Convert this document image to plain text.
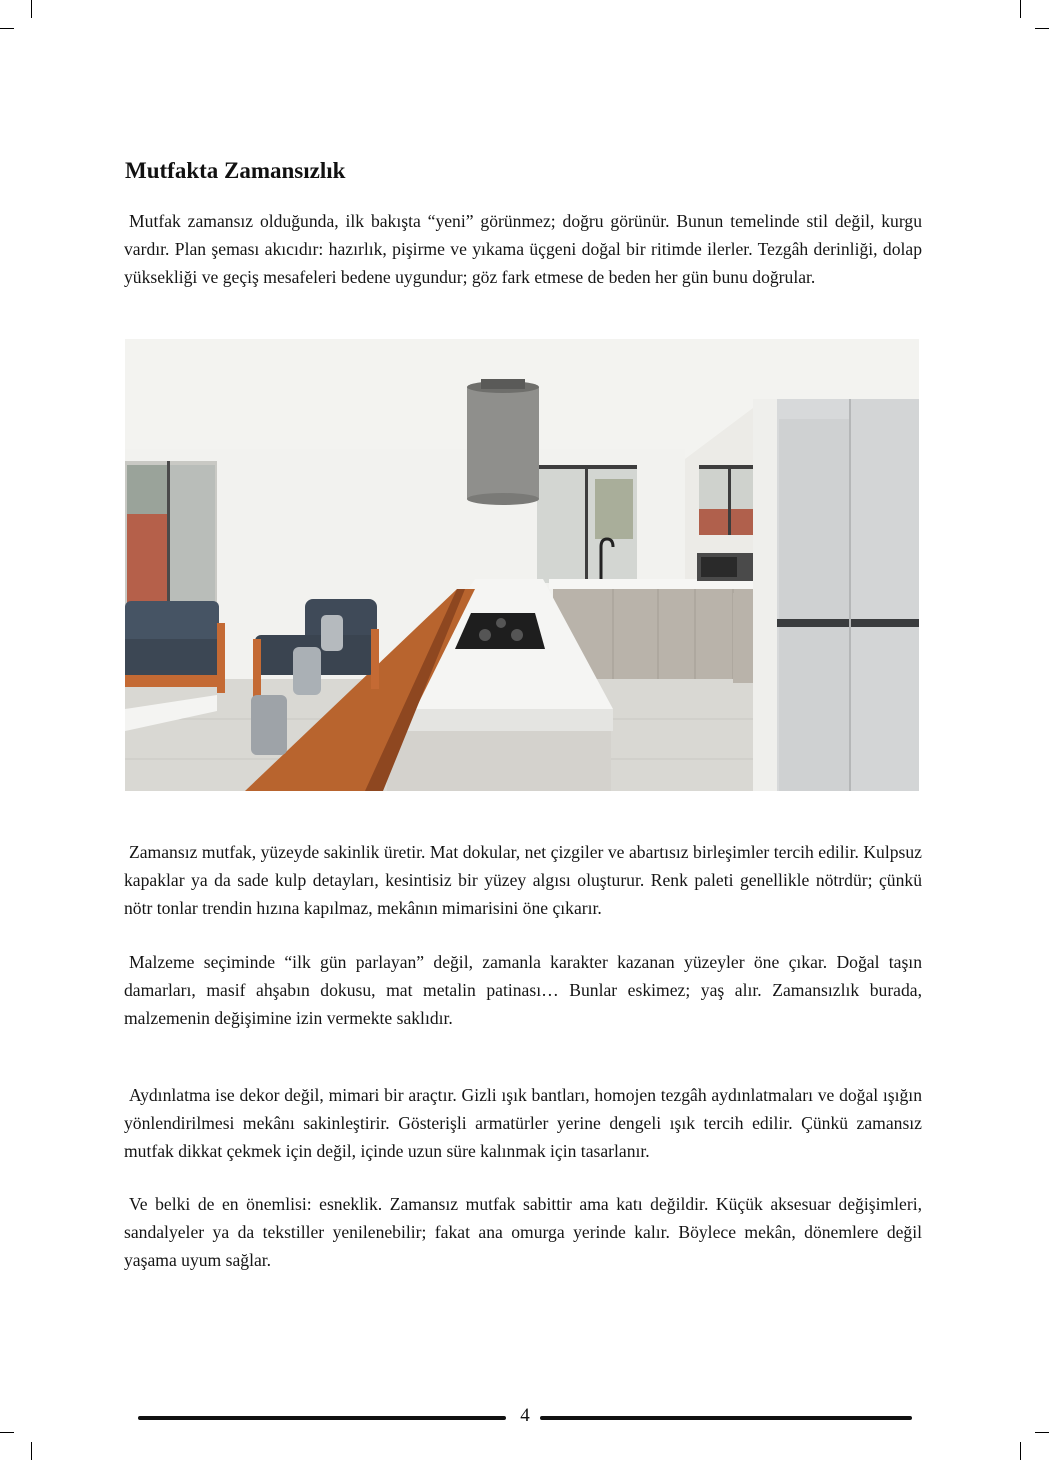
Mutfakta Zamansızlık

Mutfak zamansız olduğunda, ilk bakışta “yeni” görünmez; doğru görünür. Bunun temelinde stil değil, kurgu vardır. Plan şeması akıcıdır: hazırlık, pişirme ve yıkama üçgeni doğal bir ritimde ilerler. Tezgâh derinliği, dolap yüksekliği ve geçiş mesafeleri bedene uygundur; göz fark etmese de beden her gün bunu doğrular.

Zamansız mutfak, yüzeyde sakinlik üretir. Mat dokular, net çizgiler ve abartısız birleşimler tercih edilir. Kulpsuz kapaklar ya da sade kulp detayları, kesintisiz bir yüzey algısı oluşturur. Renk paleti genellikle nötrdür; çünkü nötr tonlar trendin hızına kapılmaz, mekânın mimarisini öne çıkarır.

Malzeme seçiminde “ilk gün parlayan” değil, zamanla karakter kazanan yüzeyler öne çıkar. Doğal taşın damarları, masif ahşabın dokusu, mat metalin patinası… Bunlar eskimez; yaş alır. Zamansızlık burada, malzemenin değişimine izin vermekte saklıdır.

Aydınlatma ise dekor değil, mimari bir araçtır. Gizli ışık bantları, homojen tezgâh aydınlatmaları ve doğal ışığın yönlendirilmesi mekânı sakinleştirir. Gösterişli armatürler yerine dengeli ışık tercih edilir. Çünkü zamansız mutfak dikkat çekmek için değil, içinde uzun süre kalınmak için tasarlanır.

Ve belki de en önemlisi: esneklik. Zamansız mutfak sabittir ama katı değildir. Küçük aksesuar değişimleri, sandalyeler ya da tekstiller yenilenebilir; fakat ana omurga yerinde kalır. Böylece mekân, dönemlere değil yaşama uyum sağlar.

4
